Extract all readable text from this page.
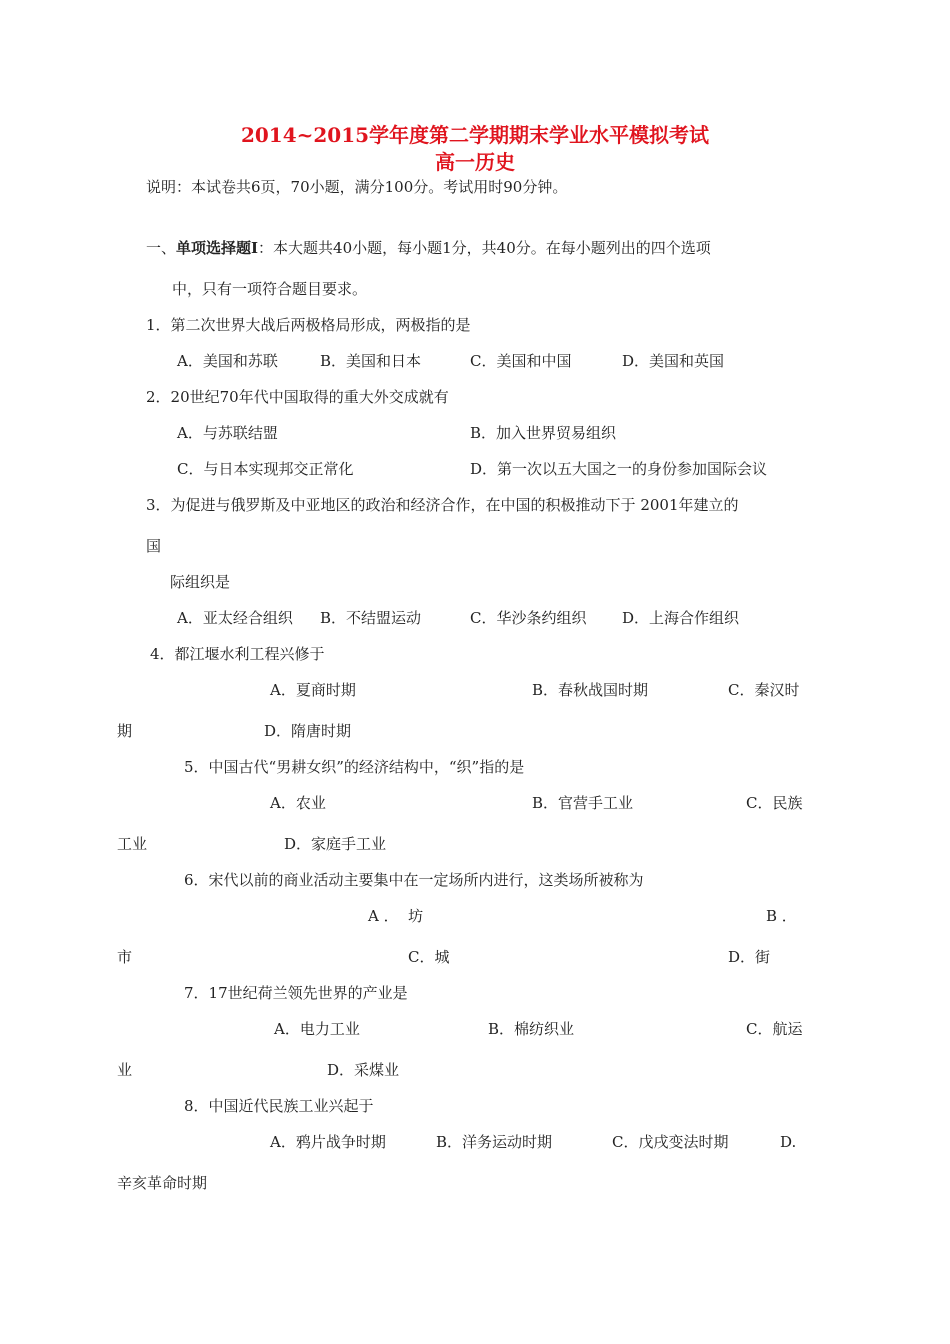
2014~2015学年度第二学期期末学业水平模拟考试
高一历史
说明：本试卷共6页，70小题，满分100分。考试用时90分钟。
一、单项选择题Ⅰ：本大题共40小题，每小题1分，共40分。在每小题列出的四个选项
中，只有一项符合题目要求。
1．第二次世界大战后两极格局形成，两极指的是
A．美国和苏联	B．美国和日本	C．美国和中国	D．美国和英国
2．20世纪70年代中国取得的重大外交成就有
A．与苏联结盟	B．加入世界贸易组织
C．与日本实现邦交正常化	D．第一次以五大国之一的身份参加国际会议
3．为促进与俄罗斯及中亚地区的政治和经济合作，在中国的积极推动下于 2001年建立的
国
际组织是
A．亚太经合组织 B．不结盟运动	C．华沙条约组织 D．上海合作组织
4．都江堰水利工程兴修于
A．夏商时期	B．春秋战国时期	C．秦汉时
期	D．隋唐时期
5．中国古代“男耕女织”的经济结构中，“织”指的是
A．农业	B．官营手工业	C．民族
工业	D．家庭手工业
6．宋代以前的商业活动主要集中在一定场所内进行，这类场所被称为
A ．  坊	B ．
市	C．城	D．街
7．17世纪荷兰领先世界的产业是
A．电力工业	B．棉纺织业	C．航运
业	D．采煤业
8．中国近代民族工业兴起于
A．鸦片战争时期	B．洋务运动时期	C．戊戌变法时期	D.
辛亥革命时期
